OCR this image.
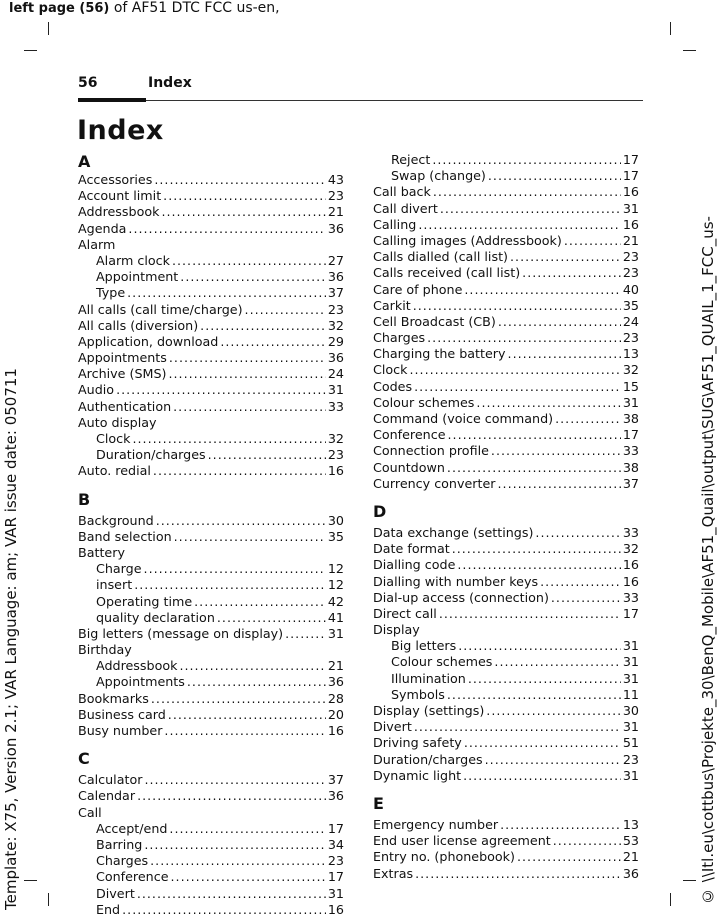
left page (56) of AF51 DTC FCC us-en,
Template: X75, Version 2.1; VAR Language: am; VAR issue date: 050711	© \\Itl.eu\cottbus\Projekte_30\BenQ_Mobile\AF51_Quail\output\SUG\AF51_QUAIL_1_FCC_us-
56	Index
Index
A
Accessories .....	43
Account limit .....	23
Addressbook .....	21
Agenda .....	36
Alarm
Alarm clock .....	27
Appointment .....	36
Type .....	37
All calls (call time/charge) .....	23
All calls (diversion) .....	32
Application, download .....	29
Appointments .....	36
Archive (SMS) .....	24
Audio .....	31
Authentication .....	33
Auto display
Clock .....	32
Duration/charges .....	23
Auto. redial .....	16
B
Background .....	30
Band selection .....	35
Battery
Charge .....	12
insert .....	12
Operating time .....	42
quality declaration .....	41
Big letters (message on display) .....	31
Birthday
Addressbook .....	21
Appointments .....	36
Bookmarks .....	28
Business card .....	20
Busy number .....	16
C
Calculator .....	37
Calendar .....	36
Call
Accept/end .....	17
Barring .....	34
Charges .....	23
Conference .....	17
Divert .....	31
End .....	16
Reject .....	17
Swap (change) .....	17
Call back .....	16
Call divert .....	31
Calling .....	16
Calling images (Addressbook) .....	21
Calls dialled (call list) .....	23
Calls received (call list) .....	23
Care of phone .....	40
Carkit .....	35
Cell Broadcast (CB) .....	24
Charges .....	23
Charging the battery .....	13
Clock .....	32
Codes .....	15
Colour schemes .....	31
Command (voice command) .....	38
Conference .....	17
Connection profile .....	33
Countdown .....	38
Currency converter .....	37
D
Data exchange (settings) .....	33
Date format .....	32
Dialling code .....	16
Dialling with number keys .....	16
Dial-up access (connection) .....	33
Direct call .....	17
Display
Big letters .....	31
Colour schemes .....	31
Illumination .....	31
Symbols .....	11
Display (settings) .....	30
Divert .....	31
Driving safety .....	51
Duration/charges .....	23
Dynamic light .....	31
E
Emergency number .....	13
End user license agreement .....	53
Entry no. (phonebook) .....	21
Extras .....	36
